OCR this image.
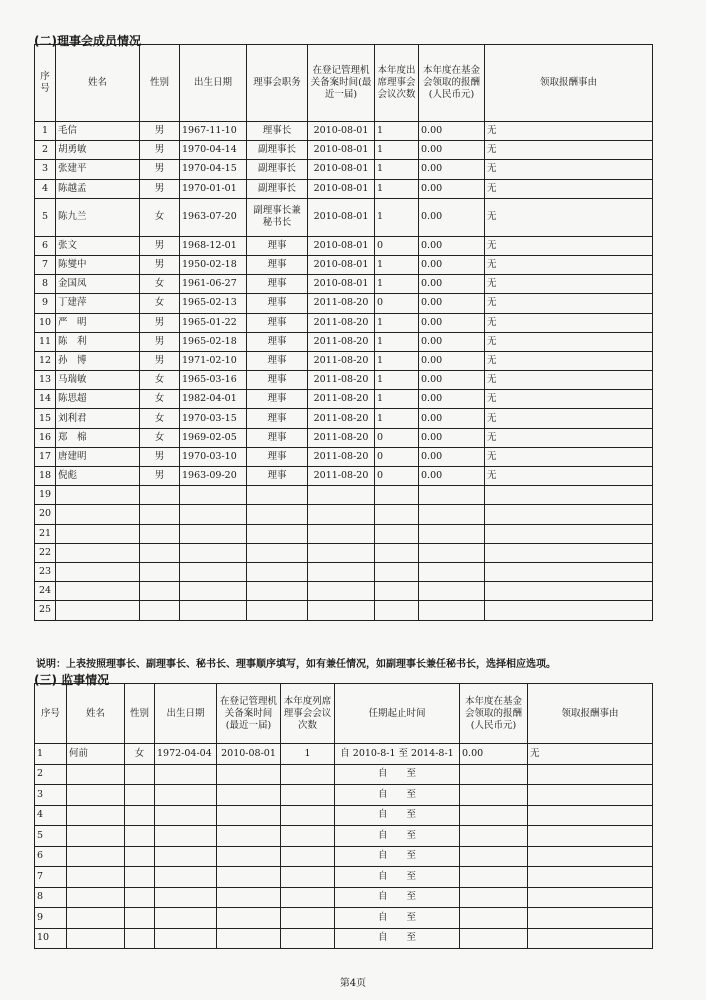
(二)理事会成员情况
序号	姓名	性别	出生日期	理事会职务	在登记管理机关备案时间(最近一届)	本年度出席理事会会议次数	本年度在基金会领取的报酬(人民币元)	领取报酬事由
1	毛信	男	1967-11-10	理事长	2010-08-01	1	0.00	无
2	胡勇敏	男	1970-04-14	副理事长	2010-08-01	1	0.00	无
3	张建平	男	1970-04-15	副理事长	2010-08-01	1	0.00	无
4	陈越孟	男	1970-01-01	副理事长	2010-08-01	1	0.00	无
5	陈九兰	女	1963-07-20	副理事长兼秘书长	2010-08-01	1	0.00	无
6	张文	男	1968-12-01	理事	2010-08-01	0	0.00	无
7	陈燮中	男	1950-02-18	理事	2010-08-01	1	0.00	无
8	金国凤	女	1961-06-27	理事	2010-08-01	1	0.00	无
9	丁建萍	女	1965-02-13	理事	2011-08-20	0	0.00	无
10	严　明	男	1965-01-22	理事	2011-08-20	1	0.00	无
11	陈　利	男	1965-02-18	理事	2011-08-20	1	0.00	无
12	孙　博	男	1971-02-10	理事	2011-08-20	1	0.00	无
13	马瑞敏	女	1965-03-16	理事	2011-08-20	1	0.00	无
14	陈思超	女	1982-04-01	理事	2011-08-20	1	0.00	无
15	刘利君	女	1970-03-15	理事	2011-08-20	1	0.00	无
16	郑　棉	女	1969-02-05	理事	2011-08-20	0	0.00	无
17	唐建明	男	1970-03-10	理事	2011-08-20	0	0.00	无
18	倪彪	男	1963-09-20	理事	2011-08-20	0	0.00	无
19								
20								
21								
22								
23								
24								
25								
说明：上表按照理事长、副理事长、秘书长、理事顺序填写，如有兼任情况，如副理事长兼任秘书长，选择相应选项。
(三) 监事情况
序号	姓名	性别	出生日期	在登记管理机关备案时间(最近一届)	本年度列席理事会会议次数	任期起止时间	本年度在基金会领取的报酬(人民币元)	领取报酬事由
1	何前	女	1972-04-04	2010-08-01	1	自 2010-8-1 至 2014-8-1	0.00	无
2						自　　至		
3						自　　至		
4						自　　至		
5						自　　至		
6						自　　至		
7						自　　至		
8						自　　至		
9						自　　至		
10						自　　至		
第4页
